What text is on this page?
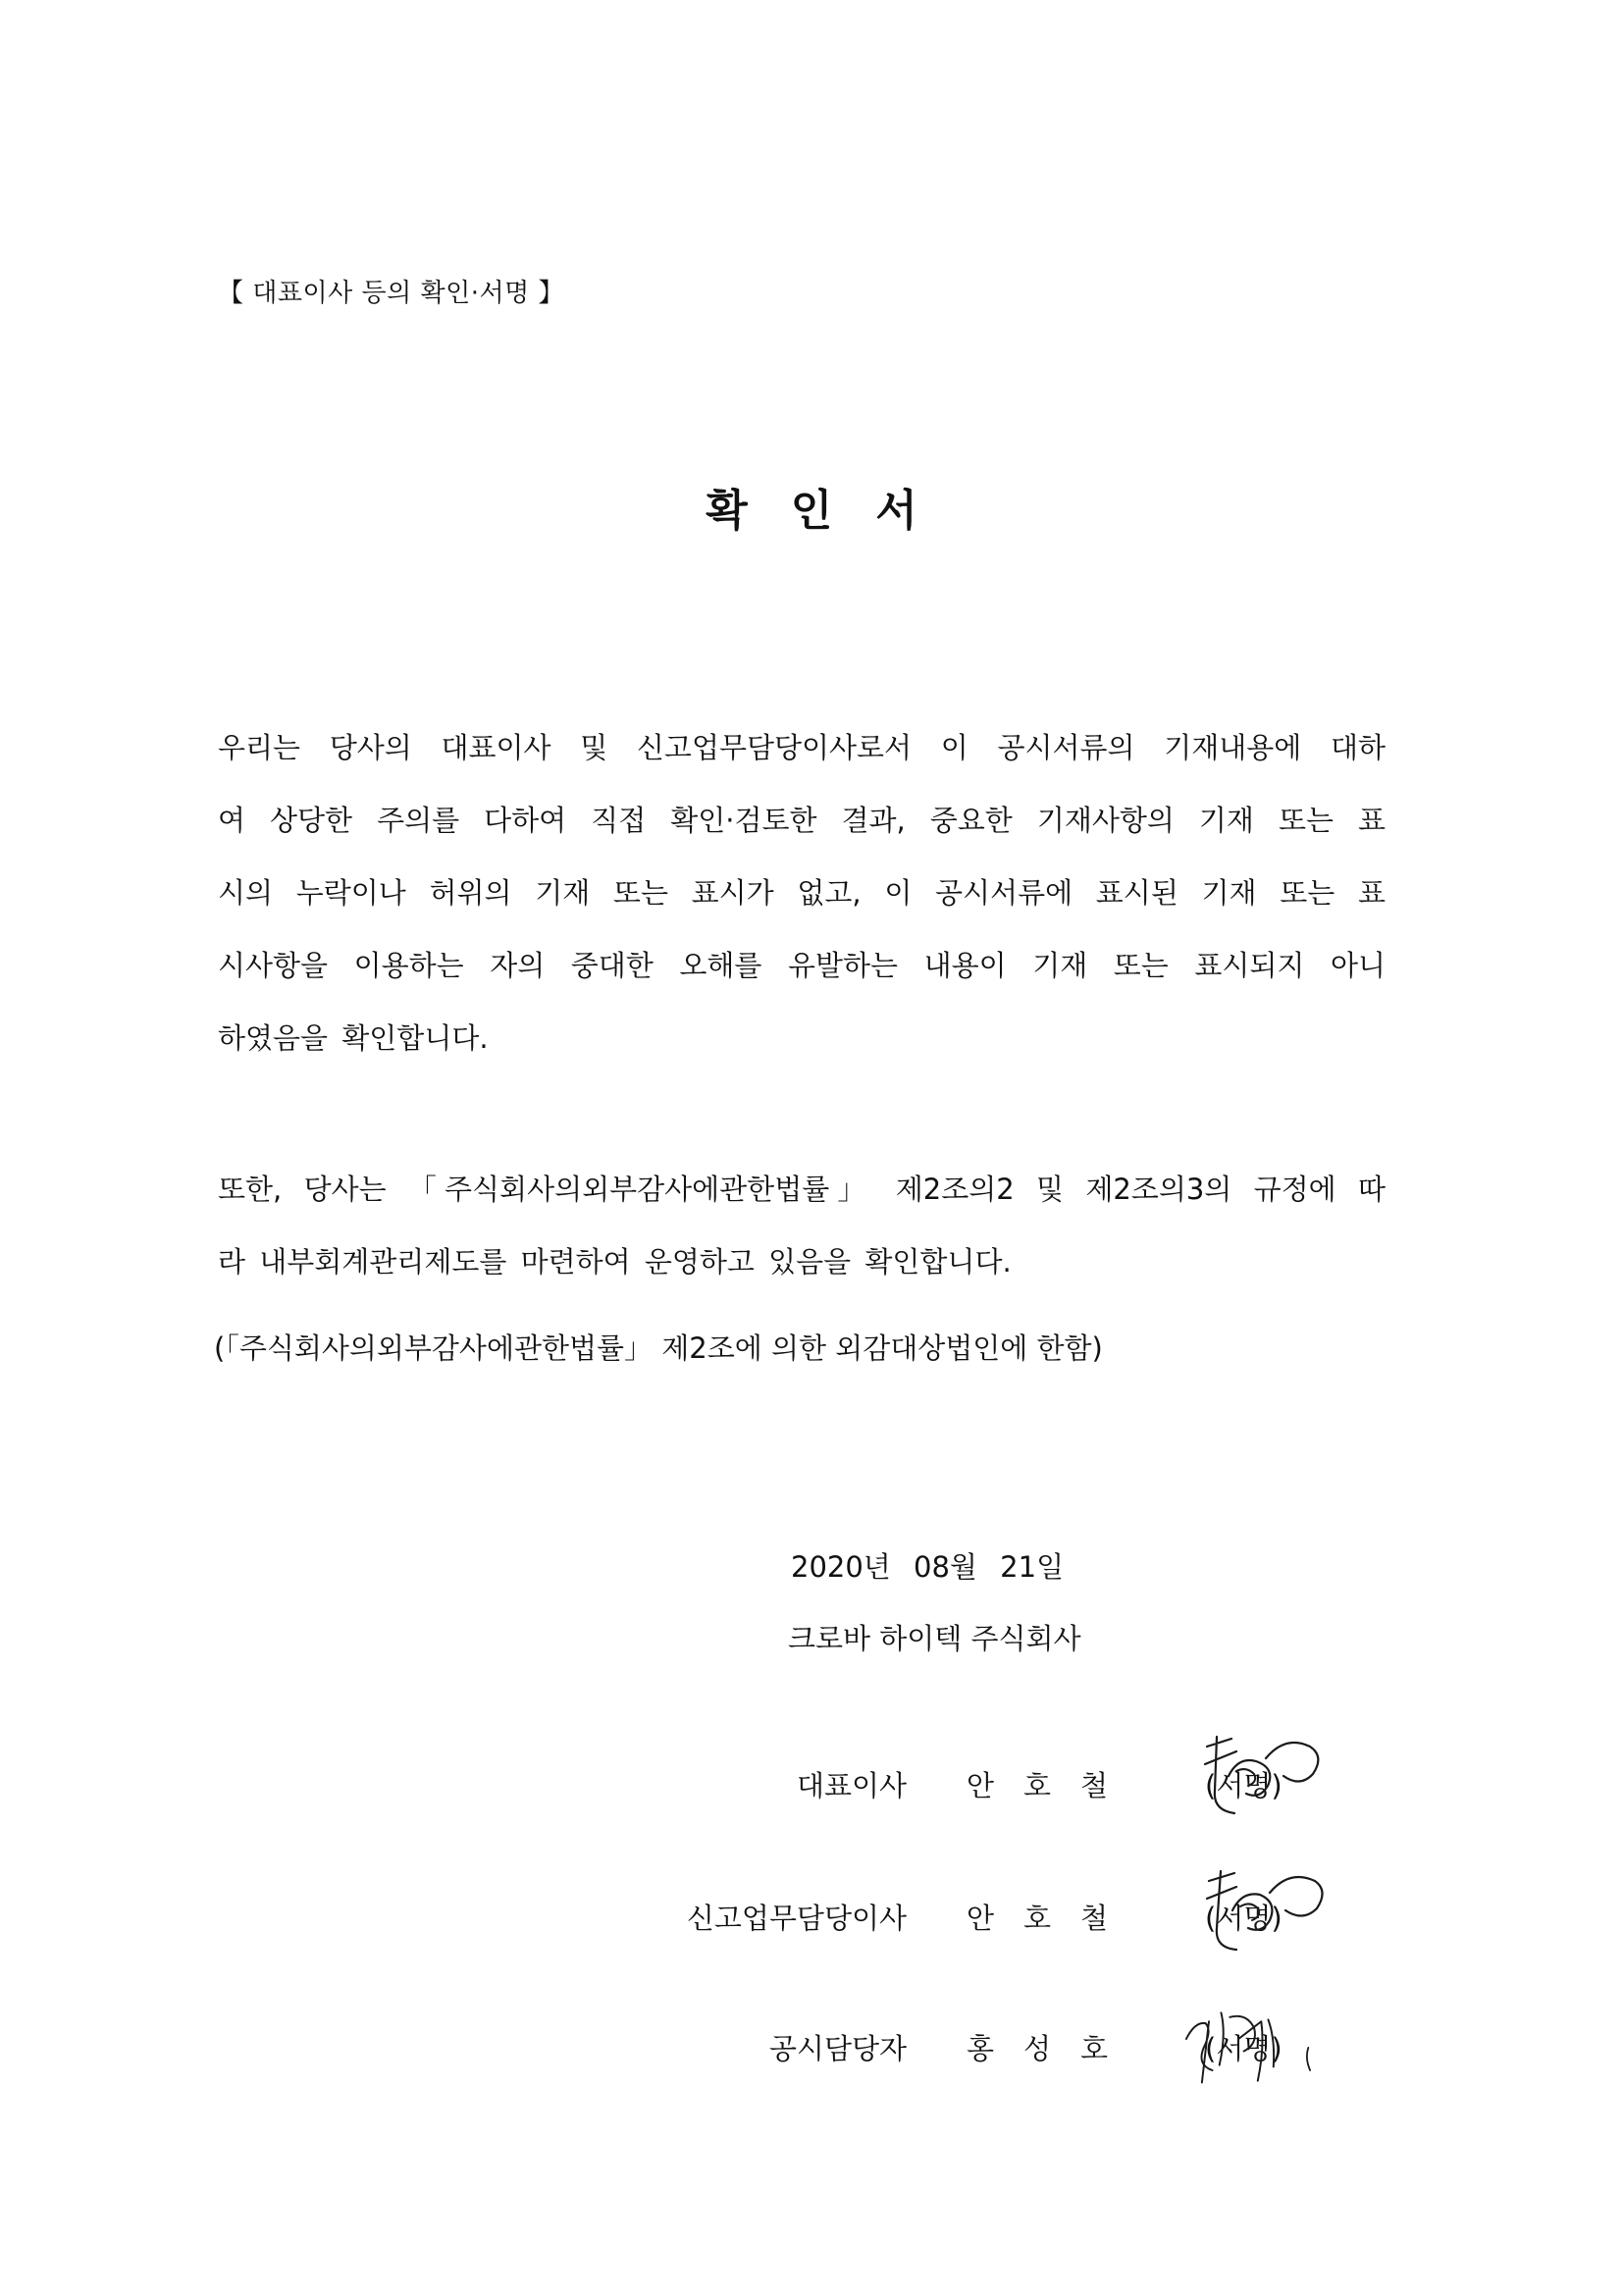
【 대표이사 등의 확인·서명 】
확인서
우리는 당사의 대표이사 및 신고업무담당이사로서 이 공시서류의 기재내용에 대하
여 상당한 주의를 다하여 직접 확인·검토한 결과, 중요한 기재사항의 기재 또는 표
시의 누락이나 허위의 기재 또는 표시가 없고, 이 공시서류에 표시된 기재 또는 표
시사항을 이용하는 자의 중대한 오해를 유발하는 내용이 기재 또는 표시되지 아니
하였음을 확인합니다.
또한, 당사는 「주식회사의외부감사에관한법률」 제2조의2 및 제2조의3의 규정에 따
라 내부회계관리제도를 마련하여 운영하고 있음을 확인합니다.
(「주식회사의외부감사에관한법률」 제2조에 의한 외감대상법인에 한함)
2020년 08월 21일
크로바 하이텍 주식회사
대표이사 안호철 (서명)
신고업무담당이사 안호철 (서명)
공시담당자 홍성호 (서명)
